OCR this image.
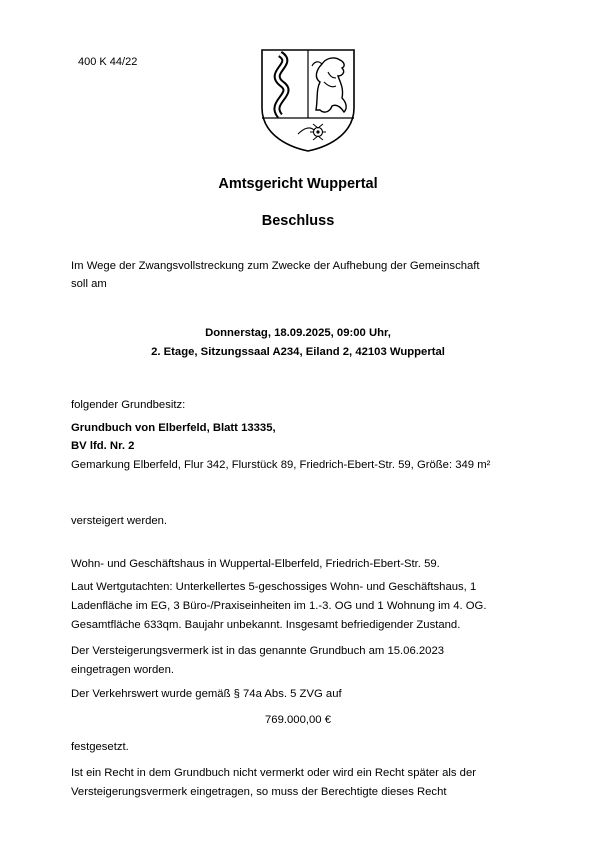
400 K 44/22
Amtsgericht Wuppertal
Beschluss
Im Wege der Zwangsvollstreckung zum Zwecke der Aufhebung der Gemeinschaft
soll am
Donnerstag, 18.09.2025, 09:00 Uhr,
2. Etage, Sitzungssaal A234, Eiland 2, 42103 Wuppertal
folgender Grundbesitz:
Grundbuch von Elberfeld, Blatt 13335,
BV lfd. Nr. 2
Gemarkung Elberfeld, Flur 342, Flurstück 89, Friedrich-Ebert-Str. 59, Größe: 349 m²
versteigert werden.
Wohn- und Geschäftshaus in Wuppertal-Elberfeld, Friedrich-Ebert-Str. 59.
Laut Wertgutachten: Unterkellertes 5-geschossiges Wohn- und Geschäftshaus, 1
Ladenfläche im EG, 3 Büro-/Praxiseinheiten im 1.-3. OG und 1 Wohnung im 4. OG.
Gesamtfläche 633qm. Baujahr unbekannt. Insgesamt befriedigender Zustand.
Der Versteigerungsvermerk ist in das genannte Grundbuch am 15.06.2023
eingetragen worden.
Der Verkehrswert wurde gemäß § 74a Abs. 5 ZVG auf
769.000,00 €
festgesetzt.
Ist ein Recht in dem Grundbuch nicht vermerkt oder wird ein Recht später als der
Versteigerungsvermerk eingetragen, so muss der Berechtigte dieses Recht
